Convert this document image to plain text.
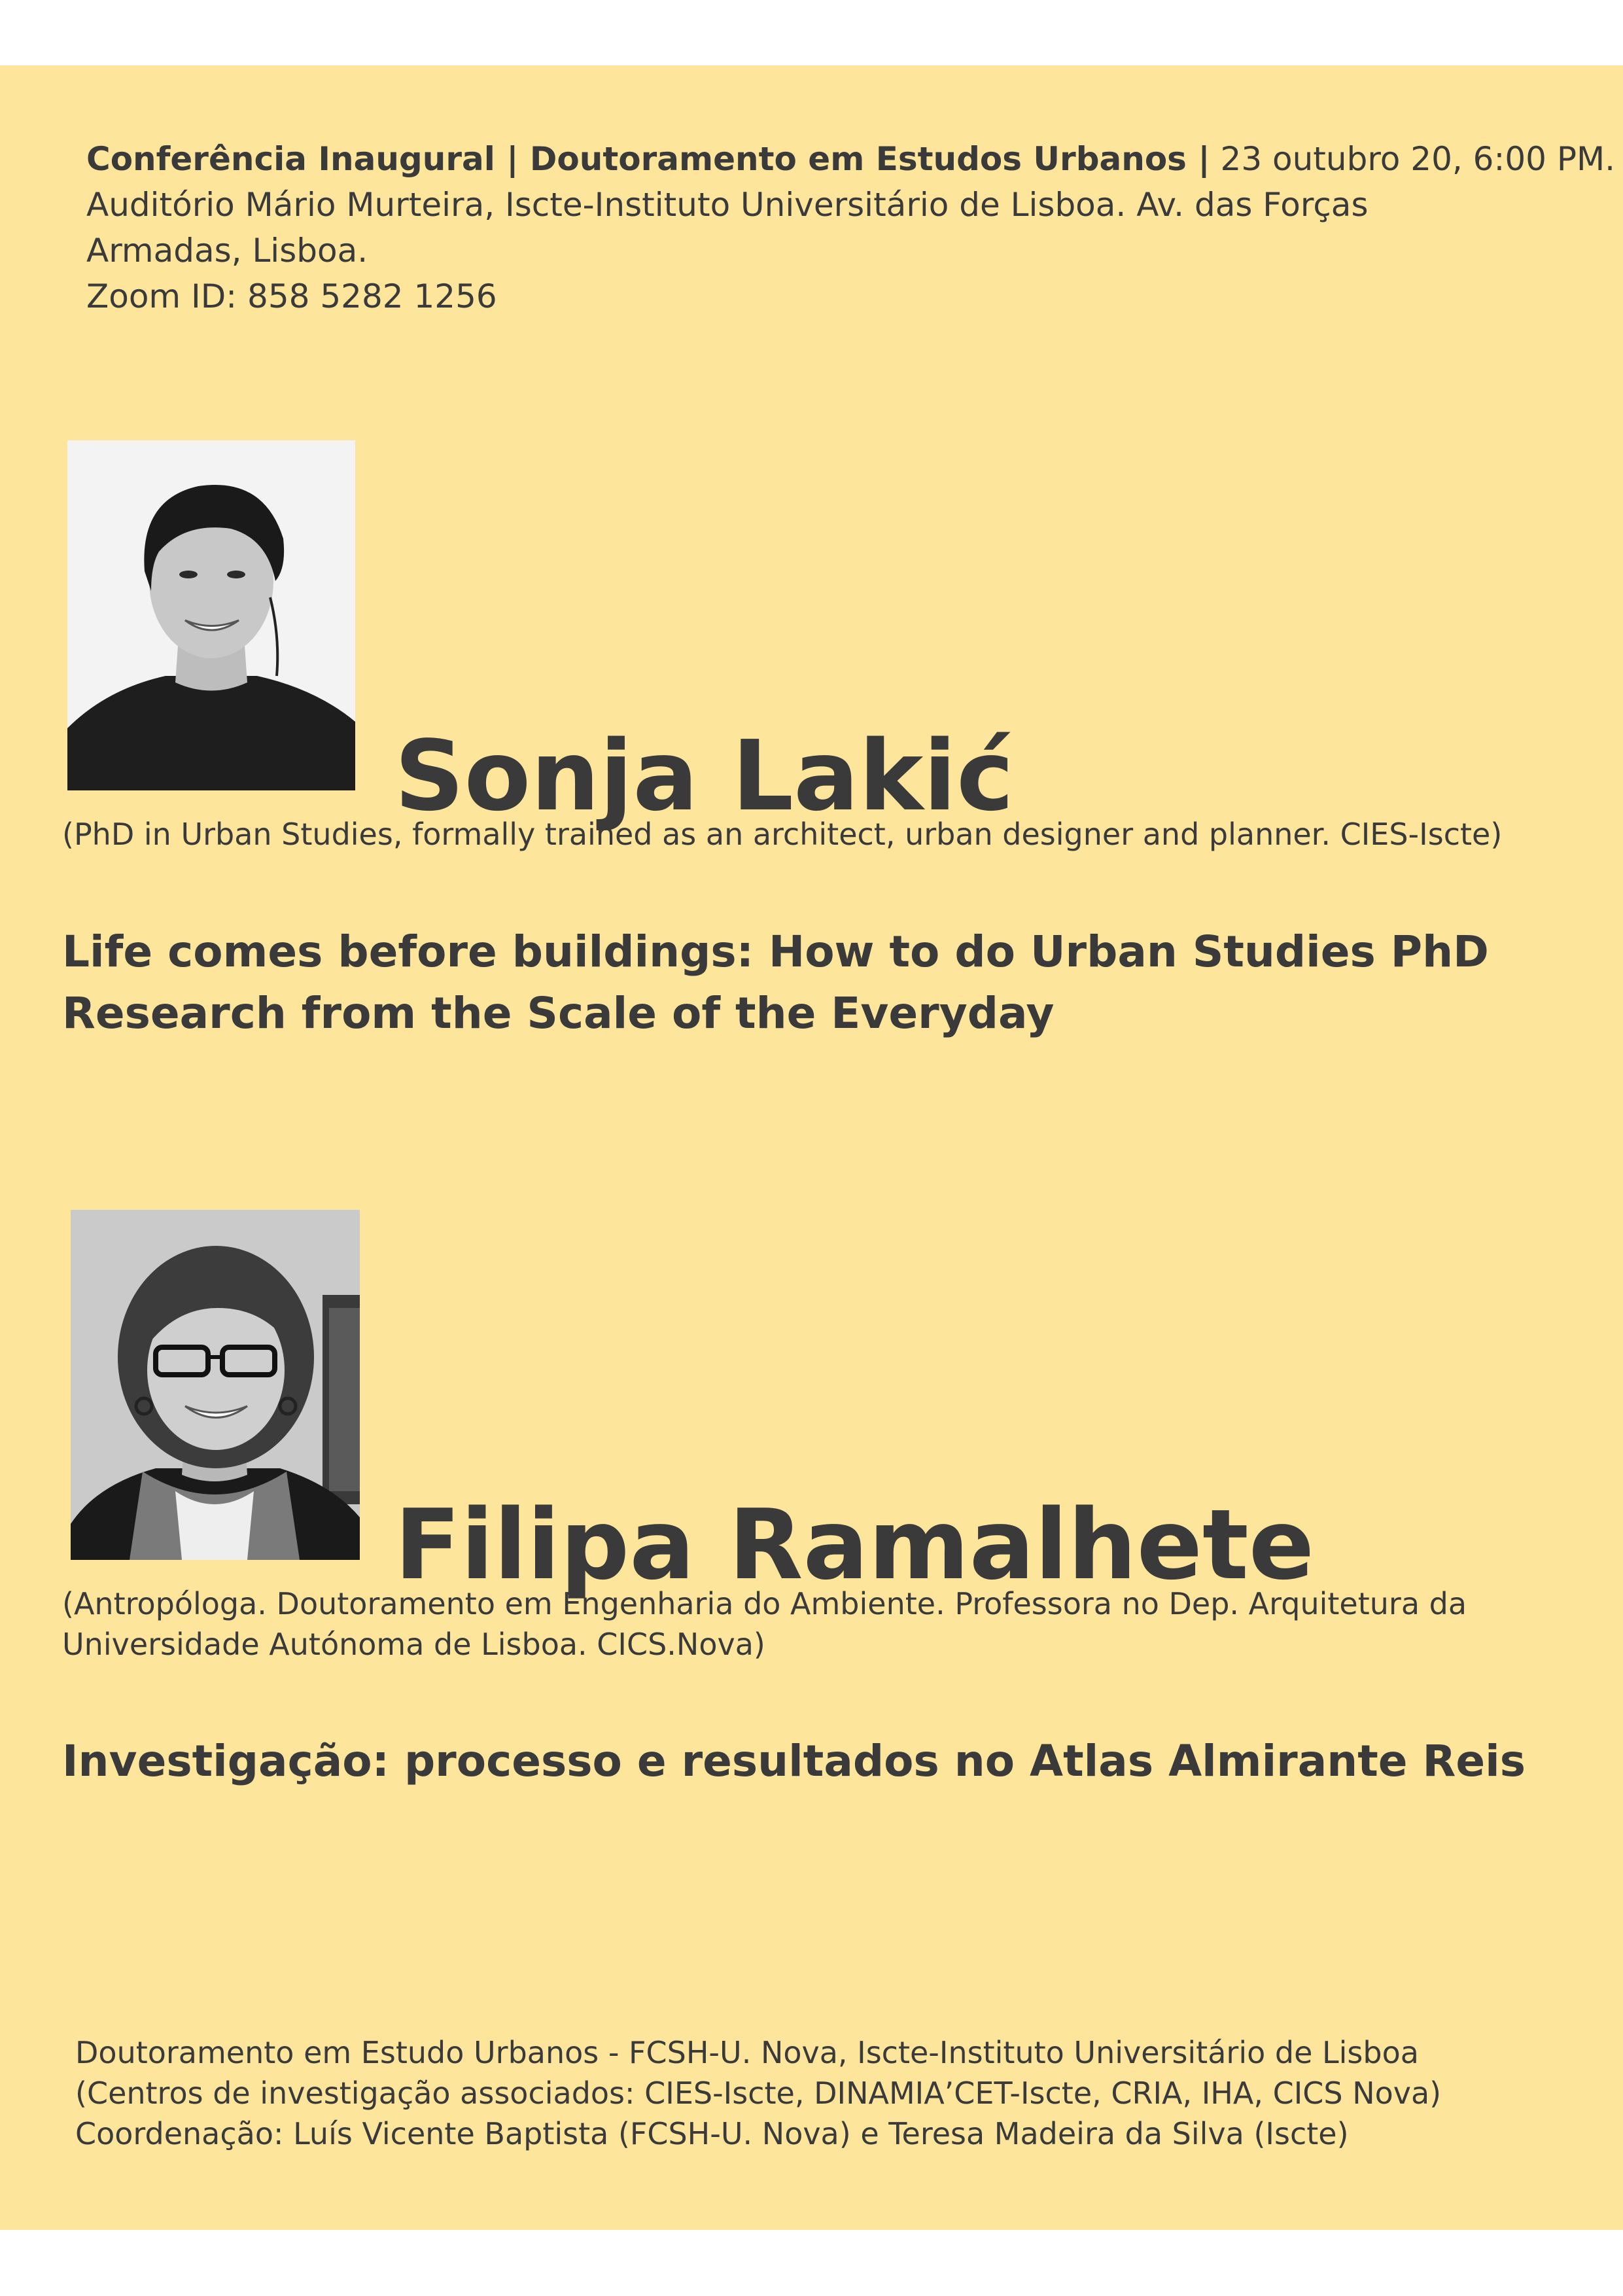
Conferência Inaugural | Doutoramento em Estudos Urbanos | 23 outubro 20, 6:00 PM.
Auditório Mário Murteira, Iscte-Instituto Universitário de Lisboa. Av. das Forças
Armadas, Lisboa.
Zoom ID: 858 5282 1256
Sonja Lakić
(PhD in Urban Studies, formally trained as an architect, urban designer and planner. CIES-Iscte)
Life comes before buildings: How to do Urban Studies PhD
Research from the Scale of the Everyday
Filipa Ramalhete
(Antropóloga. Doutoramento em Engenharia do Ambiente. Professora no Dep. Arquitetura da
Universidade Autónoma de Lisboa. CICS.Nova)
Investigação: processo e resultados no Atlas Almirante Reis
Doutoramento em Estudo Urbanos - FCSH-U. Nova, Iscte-Instituto Universitário de Lisboa
(Centros de investigação associados: CIES-Iscte, DINAMIA’CET-Iscte, CRIA, IHA, CICS Nova)
Coordenação: Luís Vicente Baptista (FCSH-U. Nova) e Teresa Madeira da Silva (Iscte)
